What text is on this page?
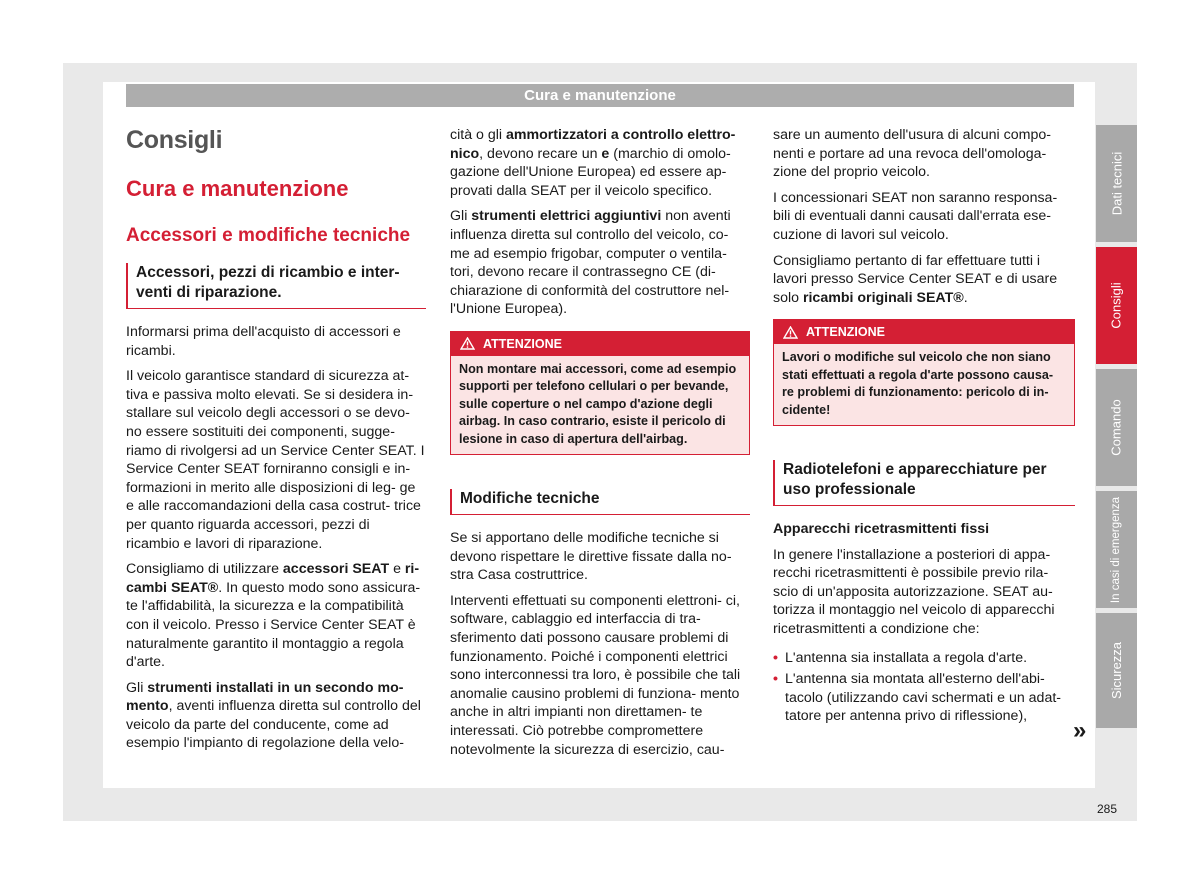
Cura e manutenzione
Consigli
Cura e manutenzione
Accessori e modifiche tecniche
Accessori, pezzi di ricambio e inter- venti di riparazione.

Informarsi prima dell'acquisto di accessori e ricambi.

Il veicolo garantisce standard di sicurezza at- tiva e passiva molto elevati. Se si desidera in- stallare sul veicolo degli accessori o se devo- no essere sostituiti dei componenti, sugge- riamo di rivolgersi ad un Service Center SEAT. I Service Center SEAT forniranno consigli e in- formazioni in merito alle disposizioni di leg- ge e alle raccomandazioni della casa costrut- trice per quanto riguarda accessori, pezzi di ricambio e lavori di riparazione.

Consigliamo di utilizzare accessori SEAT e ri- cambi SEAT®. In questo modo sono assicura- te l'affidabilità, la sicurezza e la compatibilità con il veicolo. Presso i Service Center SEAT è naturalmente garantito il montaggio a regola d'arte.

Gli strumenti installati in un secondo mo- mento, aventi influenza diretta sul controllo del veicolo da parte del conducente, come ad esempio l'impianto di regolazione della velo-

cità o gli ammortizzatori a controllo elettro- nico, devono recare un e (marchio di omolo- gazione dell'Unione Europea) ed essere ap- provati dalla SEAT per il veicolo specifico.

Gli strumenti elettrici aggiuntivi non aventi influenza diretta sul controllo del veicolo, co- me ad esempio frigobar, computer o ventila- tori, devono recare il contrassegno CE (di- chiarazione di conformità del costruttore nel- l'Unione Europea).

ATTENZIONE
Non montare mai accessori, come ad esempio supporti per telefono cellulari o per bevande, sulle coperture o nel campo d'azione degli airbag. In caso contrario, esiste il pericolo di lesione in caso di apertura dell'airbag.
Modifiche tecniche

Se si apportano delle modifiche tecniche si devono rispettare le direttive fissate dalla no- stra Casa costruttrice.

Interventi effettuati su componenti elettroni- ci, software, cablaggio ed interfaccia di tra- sferimento dati possono causare problemi di funzionamento. Poiché i componenti elettrici sono interconnessi tra loro, è possibile che tali anomalie causino problemi di funziona- mento anche in altri impianti non direttamen- te interessati. Ciò potrebbe compromettere notevolmente la sicurezza di esercizio, cau-

sare un aumento dell'usura di alcuni compo- nenti e portare ad una revoca dell'omologa- zione del proprio veicolo.

I concessionari SEAT non saranno responsa- bili di eventuali danni causati dall'errata ese- cuzione di lavori sul veicolo.

Consigliamo pertanto di far effettuare tutti i lavori presso Service Center SEAT e di usare solo ricambi originali SEAT®.

ATTENZIONE
Lavori o modifiche sul veicolo che non siano stati effettuati a regola d'arte possono causa- re problemi di funzionamento: pericolo di in- cidente!
Radiotelefoni e apparecchiature per uso professionale

Apparecchi ricetrasmittenti fissi

In genere l'installazione a posteriori di appa- recchi ricetrasmittenti è possibile previo rila- scio di un'apposita autorizzazione. SEAT au- torizza il montaggio nel veicolo di apparecchi ricetrasmittenti a condizione che:

• L'antenna sia installata a regola d'arte.
• L'antenna sia montata all'esterno dell'abi- tacolo (utilizzando cavi schermati e un adat- tatore per antenna privo di riflessione),
»
Dati tecnici
Consigli
Comando
In casi di emergenza
Sicurezza
285
